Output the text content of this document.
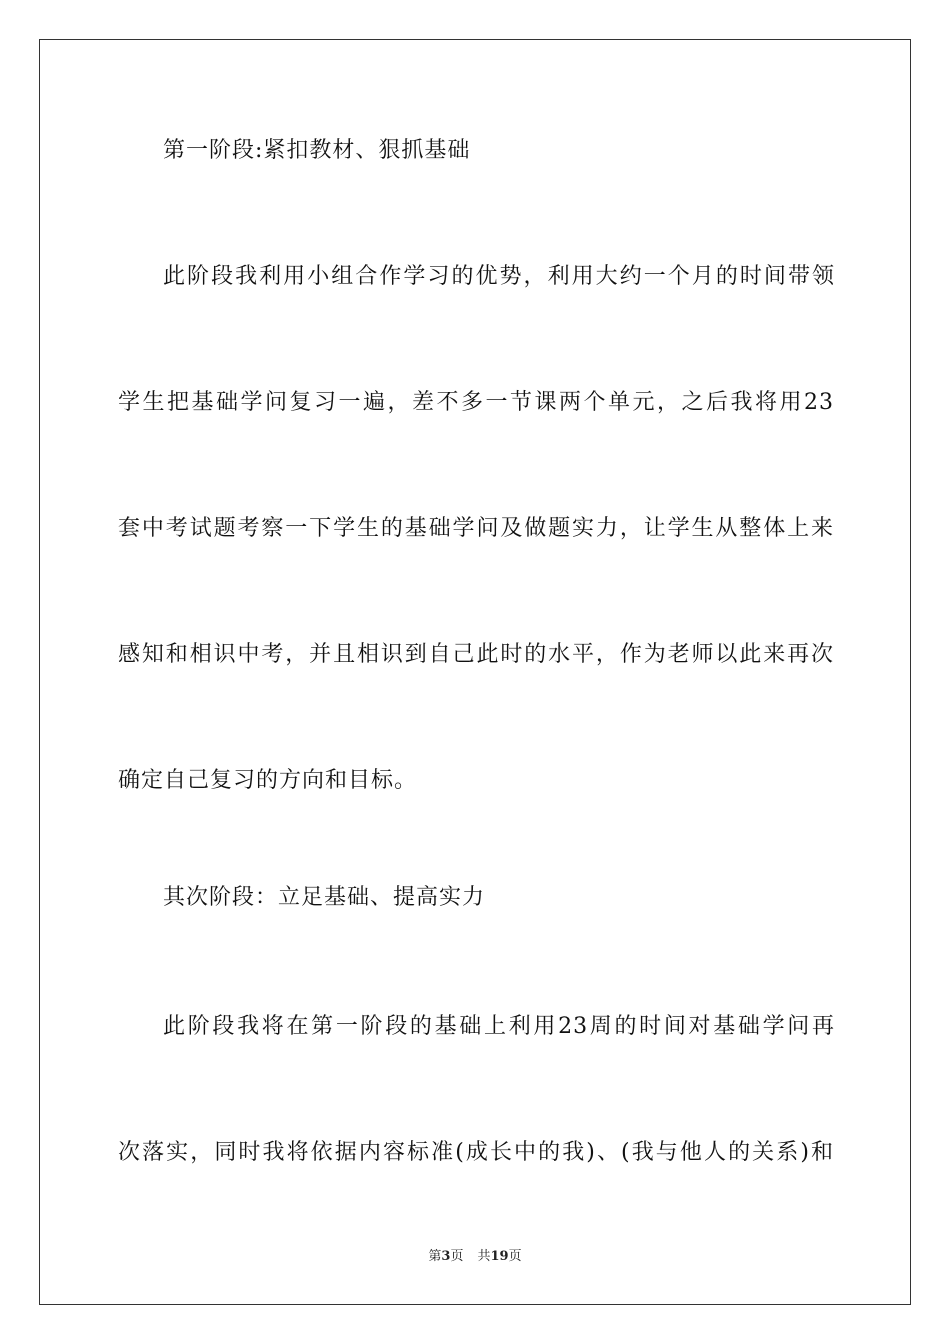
第一阶段:紧扣教材、狠抓基础
此阶段我利用小组合作学习的优势，利用大约一个月的时间带领
学生把基础学问复习一遍，差不多一节课两个单元，之后我将用23
套中考试题考察一下学生的基础学问及做题实力，让学生从整体上来
感知和相识中考，并且相识到自己此时的水平，作为老师以此来再次
确定自己复习的方向和目标。
其次阶段：立足基础、提高实力
此阶段我将在第一阶段的基础上利用23周的时间对基础学问再
次落实，同时我将依据内容标准(成长中的我)、(我与他人的关系)和
第3页 共19页
